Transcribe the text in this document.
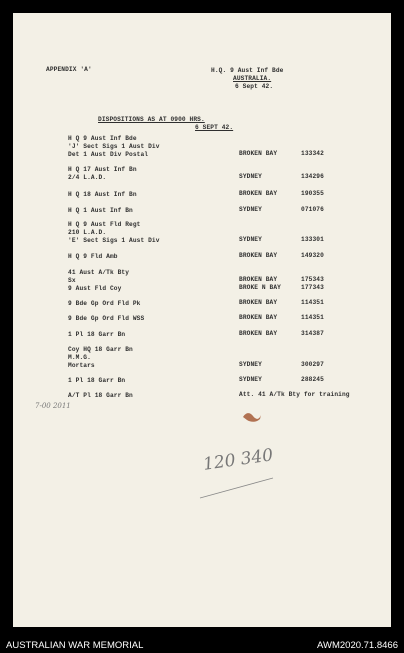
APPENDIX 'A'	H.Q. 9 Aust Inf Bde
AUSTRALIA.
6 Sept 42.
DISPOSITIONS AS AT 0900 HRS.
6 SEPT 42.
H Q 9 Aust Inf Bde
'J' Sect Sigs 1 Aust Div
Det 1 Aust Div Postal	BROKEN BAY	133342
H Q 17 Aust Inf Bn
2/4 L.A.D.	SYDNEY	134296
H Q 18 Aust Inf Bn	BROKEN BAY	190355
H Q 1 Aust Inf Bn	SYDNEY	071076
H Q 9 Aust Fld Regt
210 L.A.D.
'E' Sect Sigs 1 Aust Div	SYDNEY	133301
H Q 9 Fld Amb	BROKEN BAY	149320
41 Aust A/Tk Bty
Sx	BROKEN BAY	175343
9 Aust Fld Coy	BROKE N BAY	177343
9 Bde Gp Ord Fld Pk	BROKEN BAY	114351
9 Bde Gp Ord Fld WSS	BROKEN BAY	114351
1 Pl 18 Garr Bn	BROKEN BAY	314387
Coy HQ 18 Garr Bn
M.M.G.
Mortars	SYDNEY	300297
1 Pl 18 Garr Bn	SYDNEY	288245
A/T Pl 18 Garr Bn	Att. 41 A/Tk Bty for training
7-00 2011
120 340
AUSTRALIAN WAR MEMORIAL	AWM2020.71.8466
